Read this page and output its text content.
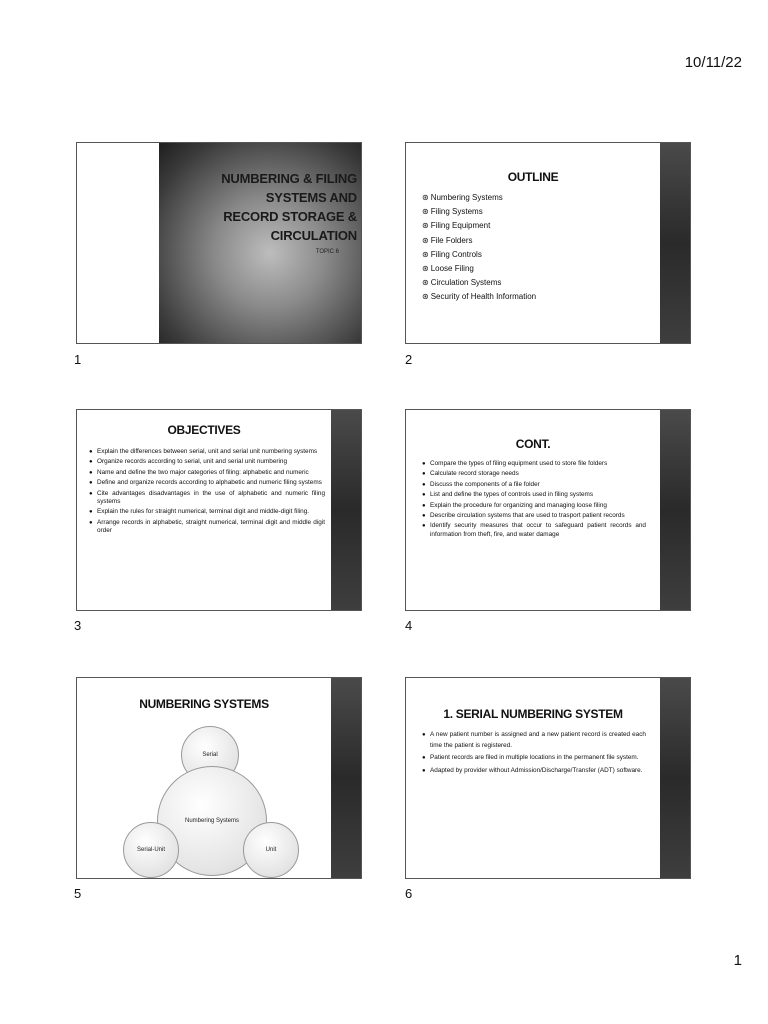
10/11/22
NUMBERING & FILING
SYSTEMS AND
RECORD STORAGE &
CIRCULATION
TOPIC 6
1
OUTLINE
⊛ Numbering Systems
⊛ Filing Systems
⊛ Filing Equipment
⊛ File Folders
⊛ Filing Controls
⊛ Loose Filing
⊛ Circulation Systems
⊛ Security of Health Information
2
OBJECTIVES
● Explain the differences between serial, unit and serial unit numbering systems
● Organize records according to serial, unit and serial unit numbering
● Name and define the two major categories of filing: alphabetic and numeric
● Define and organize records according to alphabetic and numeric filing systems
● Cite advantages disadvantages in the use of alphabetic and numeric filing systems
● Explain the rules for straight numerical, terminal digit and middle-digit filing.
● Arrange records in alphabetic, straight numerical, terminal digit and middle digit order
3
CONT.
● Compare the types of filing equipment used to store file folders
● Calculate record storage needs
● Discuss the components of a file folder
● List and define the types of controls used in filing systems
● Explain the procedure for organizing and managing loose filing
● Describe circulation systems that are used to trasport patient records
● Identify security measures that occur to safeguard patient records and information from theft, fire, and water damage
4
NUMBERING SYSTEMS
Serial
Numbering Systems
Serial-Unit	Unit
5
1. SERIAL NUMBERING SYSTEM
● A new patient number is assigned and a new patient record is created each time the patient is registered.
● Patient records are filed in multiple locations in the permanent file system.
● Adapted by provider without Admission/Discharge/Transfer (ADT) software.
6
1
